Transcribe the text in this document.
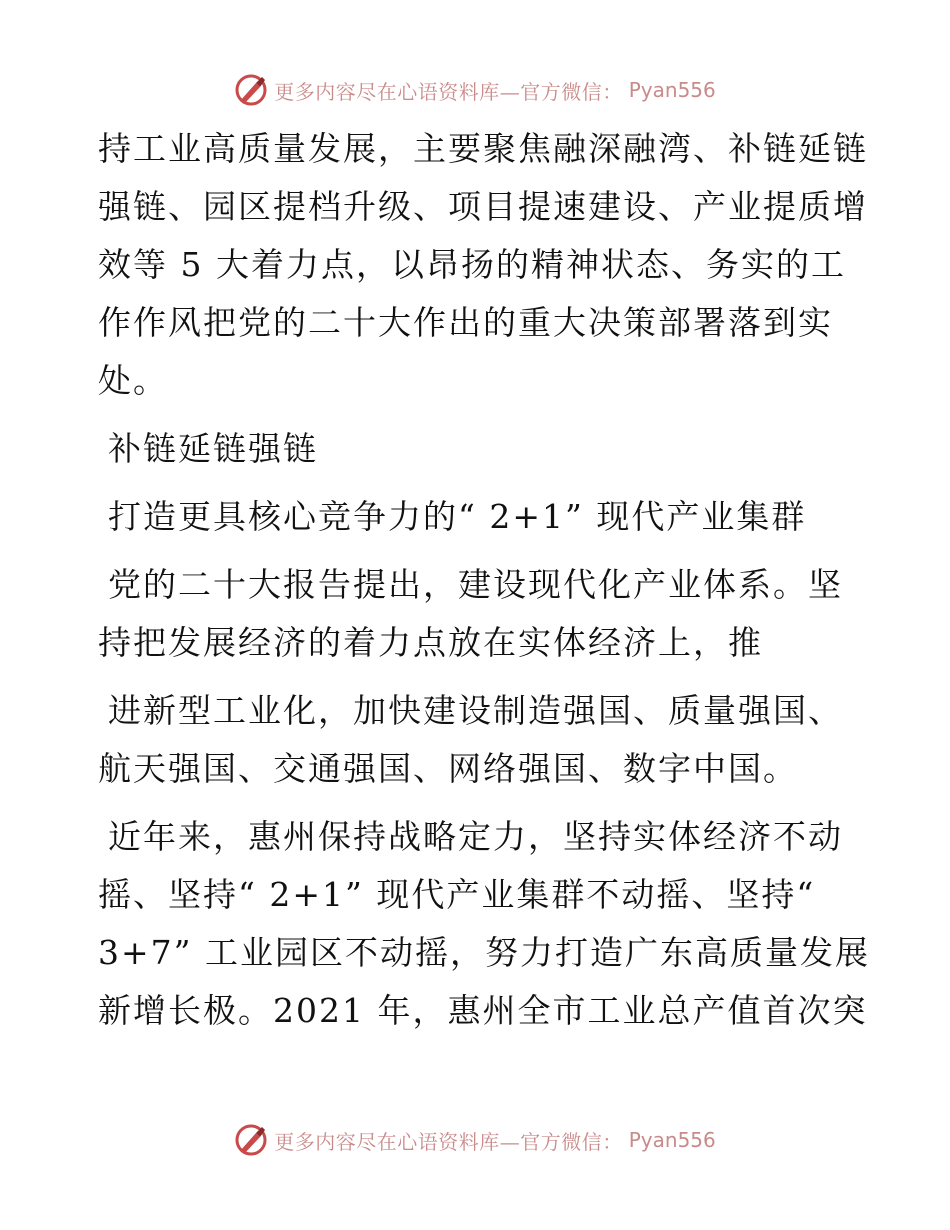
更多内容尽在心语资料库—官方微信： Pyan556
持工业高质量发展，主要聚焦融深融湾、补链延链
强链、园区提档升级、项目提速建设、产业提质增
效等 5 大着力点，以昂扬的精神状态、务实的工
作作风把党的二十大作出的重大决策部署落到实
处。
补链延链强链
打造更具核心竞争力的“ 2+1” 现代产业集群
党的二十大报告提出，建设现代化产业体系。坚
持把发展经济的着力点放在实体经济上，推
进新型工业化，加快建设制造强国、质量强国、
航天强国、交通强国、网络强国、数字中国。
近年来，惠州保持战略定力，坚持实体经济不动
摇、坚持“ 2+1” 现代产业集群不动摇、坚持“
3+7” 工业园区不动摇，努力打造广东高质量发展
新增长极。2021 年，惠州全市工业总产值首次突
更多内容尽在心语资料库—官方微信： Pyan556
